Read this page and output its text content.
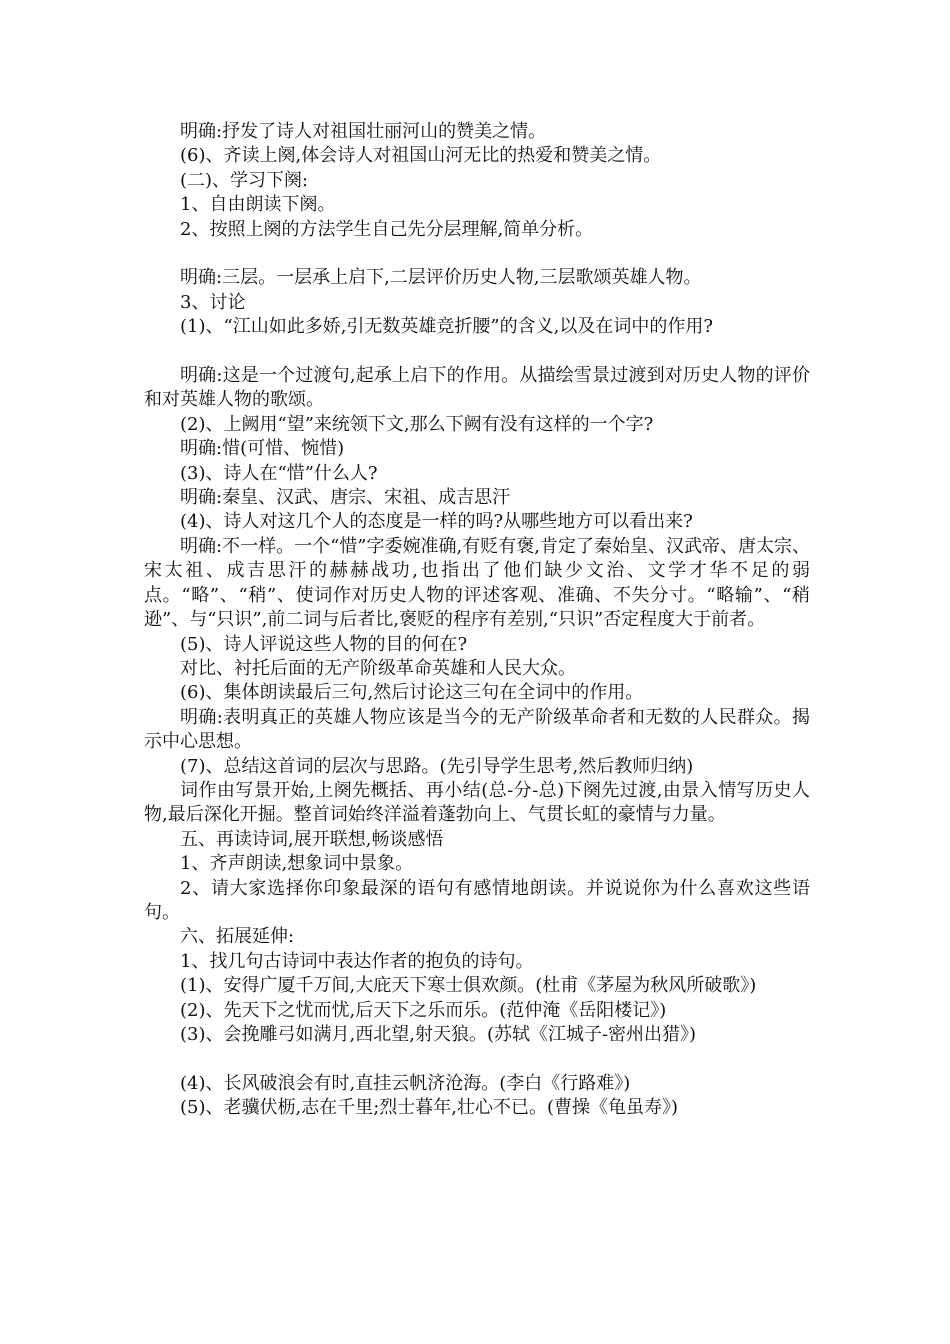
明确:抒发了诗人对祖国壮丽河山的赞美之情。

(6)、齐读上阕,体会诗人对祖国山河无比的热爱和赞美之情。

(二)、学习下阕:

1、自由朗读下阕。

2、按照上阕的方法学生自己先分层理解,简单分析。

明确:三层。一层承上启下,二层评价历史人物,三层歌颂英雄人物。

3、讨论

(1)、“江山如此多娇,引无数英雄竞折腰”的含义,以及在词中的作用?

明确:这是一个过渡句,起承上启下的作用。从描绘雪景过渡到对历史人物的评价和对英雄人物的歌颂。

(2)、上阙用“望”来统领下文,那么下阙有没有这样的一个字?

明确:惜(可惜、惋惜)

(3)、诗人在“惜”什么人?

明确:秦皇、汉武、唐宗、宋祖、成吉思汗

(4)、诗人对这几个人的态度是一样的吗?从哪些地方可以看出来?

明确:不一样。一个“惜”字委婉准确,有贬有褒,肯定了秦始皇、汉武帝、唐太宗、宋太祖、成吉思汗的赫赫战功,也指出了他们缺少文治、文学才华不足的弱点。“略”、“稍”、使词作对历史人物的评述客观、准确、不失分寸。“略输”、“稍逊”、与“只识”,前二词与后者比,褒贬的程序有差别,“只识”否定程度大于前者。

(5)、诗人评说这些人物的目的何在?

对比、衬托后面的无产阶级革命英雄和人民大众。

(6)、集体朗读最后三句,然后讨论这三句在全词中的作用。

明确:表明真正的英雄人物应该是当今的无产阶级革命者和无数的人民群众。揭示中心思想。

(7)、总结这首词的层次与思路。(先引导学生思考,然后教师归纳)

词作由写景开始,上阕先概括、再小结(总-分-总)下阕先过渡,由景入情写历史人物,最后深化开掘。整首词始终洋溢着蓬勃向上、气贯长虹的豪情与力量。

五、再读诗词,展开联想,畅谈感悟

1、齐声朗读,想象词中景象。

2、请大家选择你印象最深的语句有感情地朗读。并说说你为什么喜欢这些语句。

六、拓展延伸:

1、找几句古诗词中表达作者的抱负的诗句。

(1)、安得广厦千万间,大庇天下寒士俱欢颜。(杜甫《茅屋为秋风所破歌》)

(2)、先天下之忧而忧,后天下之乐而乐。(范仲淹《岳阳楼记》)

(3)、会挽雕弓如满月,西北望,射天狼。(苏轼《江城子-密州出猎》)

(4)、长风破浪会有时,直挂云帆济沧海。(李白《行路难》)

(5)、老骥伏枥,志在千里;烈士暮年,壮心不已。(曹操《龟虽寿》)
